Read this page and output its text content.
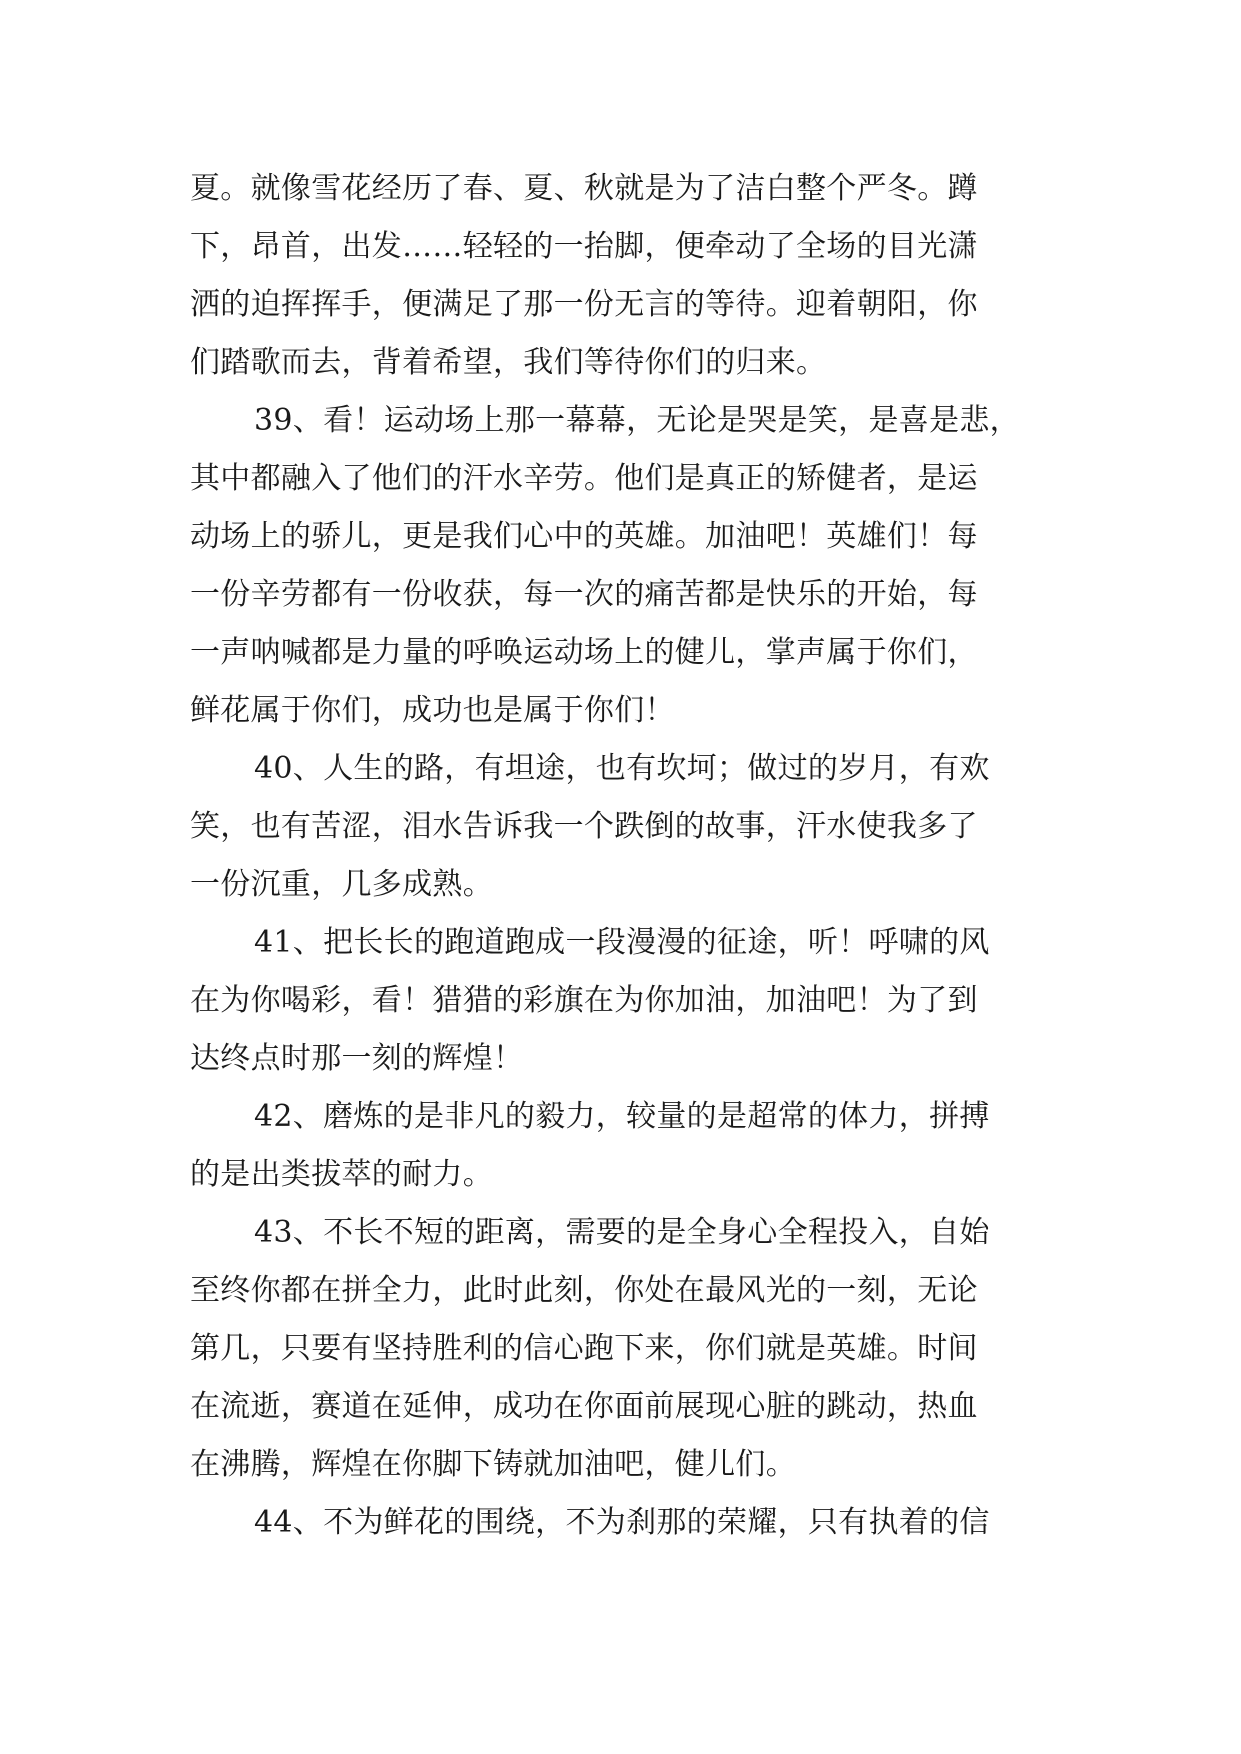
夏。就像雪花经历了春、夏、秋就是为了洁白整个严冬。蹲
下，昂首，出发……轻轻的一抬脚，便牵动了全场的目光潇
洒的迫挥挥手，便满足了那一份无言的等待。迎着朝阳，你
们踏歌而去，背着希望，我们等待你们的归来。
39、看！运动场上那一幕幕，无论是哭是笑，是喜是悲，
其中都融入了他们的汗水辛劳。他们是真正的矫健者，是运
动场上的骄儿，更是我们心中的英雄。加油吧！英雄们！每
一份辛劳都有一份收获，每一次的痛苦都是快乐的开始，每
一声呐喊都是力量的呼唤运动场上的健儿，掌声属于你们，
鲜花属于你们，成功也是属于你们！
40、人生的路，有坦途，也有坎坷；做过的岁月，有欢
笑，也有苦涩，泪水告诉我一个跌倒的故事，汗水使我多了
一份沉重，几多成熟。
41、把长长的跑道跑成一段漫漫的征途，听！呼啸的风
在为你喝彩，看！猎猎的彩旗在为你加油，加油吧！为了到
达终点时那一刻的辉煌！
42、磨炼的是非凡的毅力，较量的是超常的体力，拼搏
的是出类拔萃的耐力。
43、不长不短的距离，需要的是全身心全程投入，自始
至终你都在拼全力，此时此刻，你处在最风光的一刻，无论
第几，只要有坚持胜利的信心跑下来，你们就是英雄。时间
在流逝，赛道在延伸，成功在你面前展现心脏的跳动，热血
在沸腾，辉煌在你脚下铸就加油吧，健儿们。
44、不为鲜花的围绕，不为刹那的荣耀，只有执着的信
